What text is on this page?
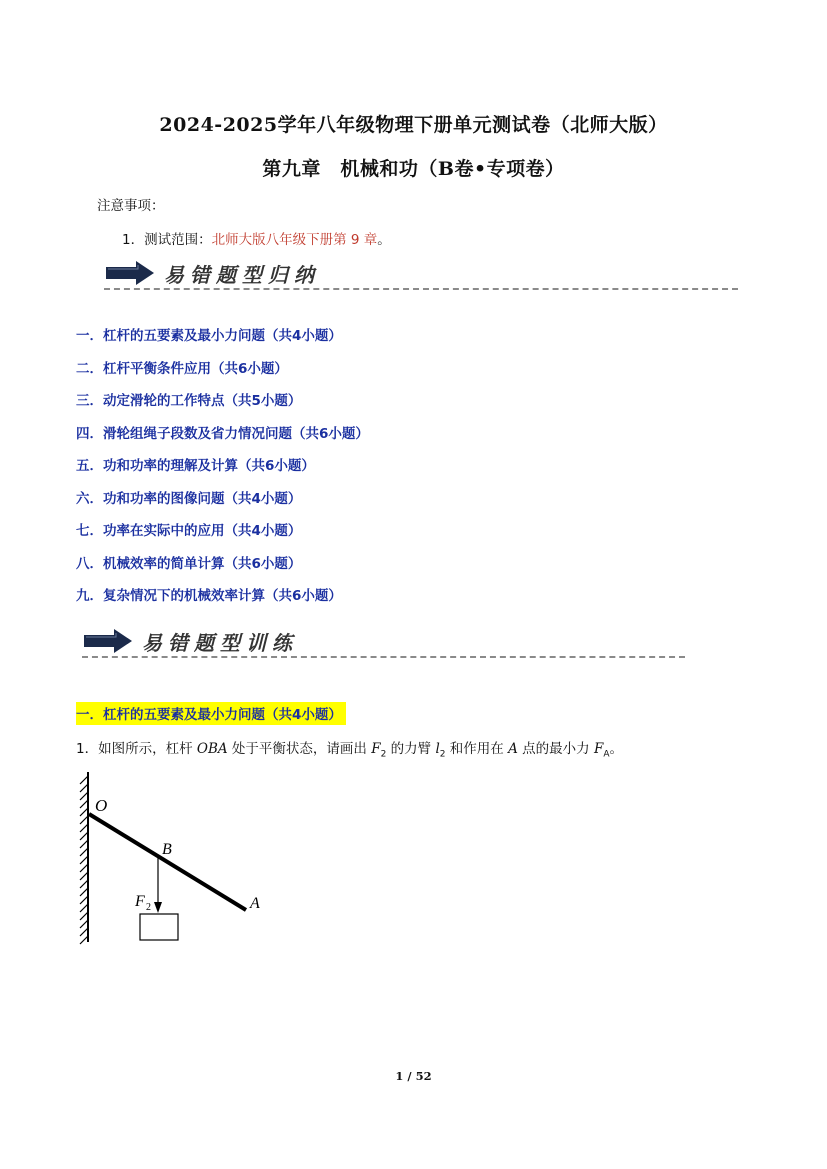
2024-2025学年八年级物理下册单元测试卷（北师大版）
第九章　机械和功（B卷•专项卷）
注意事项：
1．测试范围：北师大版八年级下册第 9 章。
易错题型归纳
一．杠杆的五要素及最小力问题（共4小题）
二．杠杆平衡条件应用（共6小题）
三．动定滑轮的工作特点（共5小题）
四．滑轮组绳子段数及省力情况问题（共6小题）
五．功和功率的理解及计算（共6小题）
六．功和功率的图像问题（共4小题）
七．功率在实际中的应用（共4小题）
八．机械效率的简单计算（共6小题）
九．复杂情况下的机械效率计算（共6小题）
易错题型训练
一．杠杆的五要素及最小力问题（共4小题）
1．如图所示，杠杆 OBA 处于平衡状态，请画出 $F_2$ 的力臂 $l_2$ 和作用在 A 点的最小力 $F_A$。
O
B
A
F 2
1 / 52
